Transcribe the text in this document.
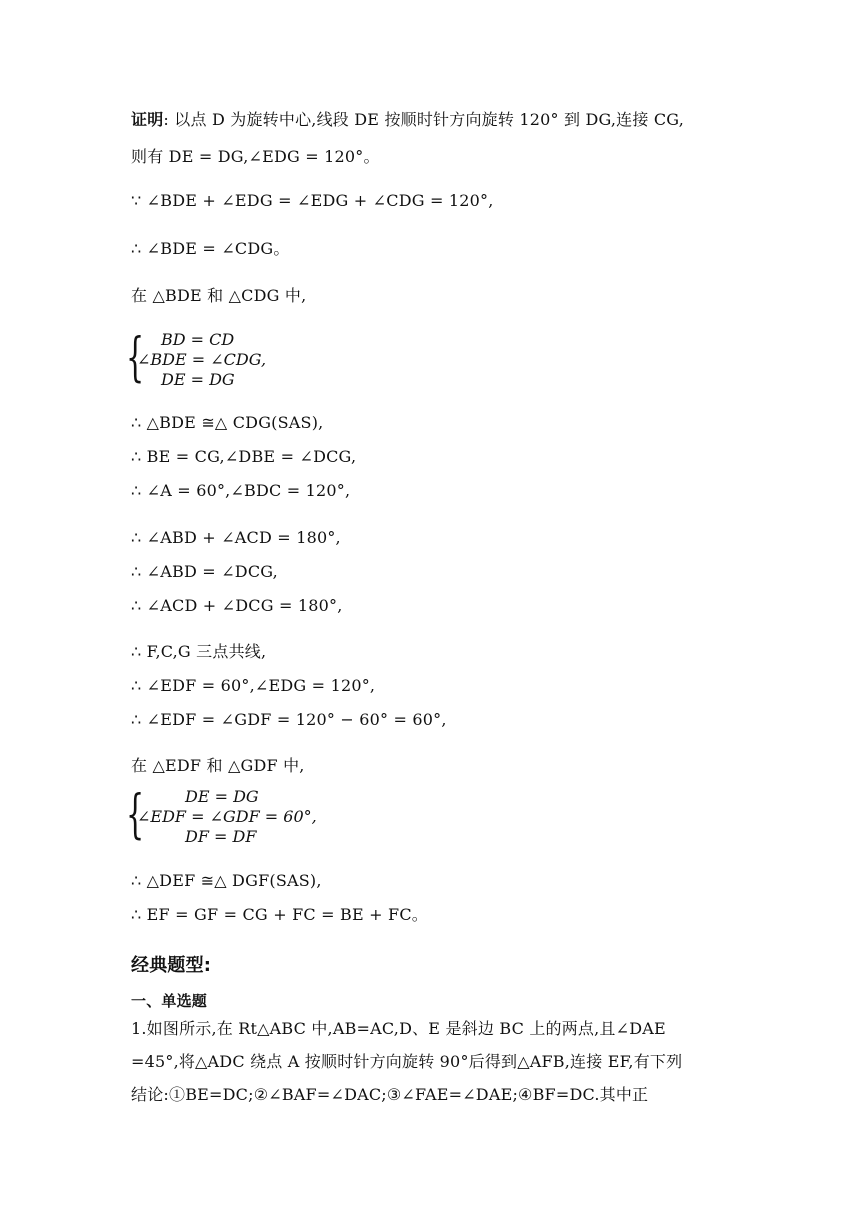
证明: 以点 D 为旋转中心,线段 DE 按顺时针方向旋转 120° 到 DG,连接 CG,
则有 DE = DG,∠EDG = 120°。
∵ ∠BDE + ∠EDG = ∠EDG + ∠CDG = 120°,
∴ ∠BDE = ∠CDG。
在 △BDE 和 △CDG 中,
{ BD = CD
∠BDE = ∠CDG,
DE = DG
∴ △BDE ≅△ CDG(SAS),
∴ BE = CG,∠DBE = ∠DCG,
∴ ∠A = 60°,∠BDC = 120°,
∴ ∠ABD + ∠ACD = 180°,
∴ ∠ABD = ∠DCG,
∴ ∠ACD + ∠DCG = 180°,
∴ F,C,G 三点共线,
∴ ∠EDF = 60°,∠EDG = 120°,
∴ ∠EDF = ∠GDF = 120° − 60° = 60°,
在 △EDF 和 △GDF 中,
{	DE = DG
∠EDF = ∠GDF = 60°,
DF = DF
∴ △DEF ≅△ DGF(SAS),
∴ EF = GF = CG + FC = BE + FC。
经典题型:
一、单选题
1.如图所示,在 Rt△ABC 中,AB=AC,D、E 是斜边 BC 上的两点,且∠DAE
=45°,将△ADC 绕点 A 按顺时针方向旋转 90°后得到△AFB,连接 EF,有下列
结论:①BE=DC;②∠BAF=∠DAC;③∠FAE=∠DAE;④BF=DC.其中正
